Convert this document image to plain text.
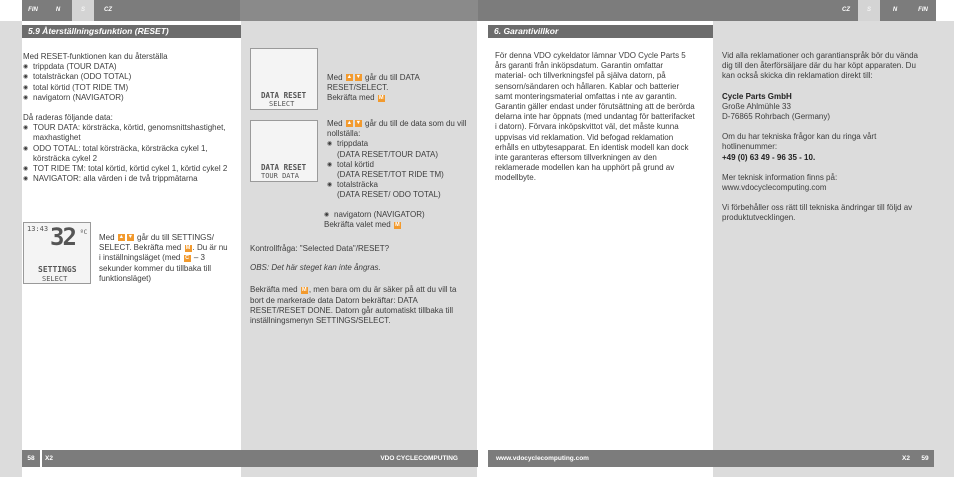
FIN	N	S	CZ	CZ	S	N	FIN
5.9 Återställningsfunktion (RESET)	6. Garantivillkor

Med RESET-funktionen kan du återställa

◉ trippdata (TOUR DATA)
◉ totalsträckan (ODO TOTAL)
◉ total körtid (TOT RIDE TM)
◉ navigatorn (NAVIGATOR)

Då raderas följande data:

◉ TOUR DATA: körsträcka, körtid, genomsnittshastighet, maxhastighet
◉ ODO TOTAL: total körsträcka, körsträcka cykel 1, körsträcka cykel 2
◉ TOT RIDE TM: total körtid, körtid cykel 1, körtid cykel 2
◉ NAVIGATOR: alla värden i de två trippmätarna
13:43 32 ºC
SETTINGS
SELECT
Med ▲ ▼ går du till SETTINGS/ SELECT. Bekräfta med M . Du är nu i inställningsläget (med C – 3 sekunder kommer du tillbaka till funktionsläget)
DATA RESET
SELECT
Med ▲ ▼ går du till DATA RESET/SELECT.
Bekräfta med M
DATA RESET
TOUR DATA
Med ▲ ▼ går du till de data som du vill nollställa:
◉ trippdata
(DATA RESET/TOUR DATA)
◉ total körtid
(DATA RESET/TOT RIDE TM)
◉ totalsträcka
(DATA RESET/ ODO TOTAL)
◉ navigatorn (NAVIGATOR)
Bekräfta valet med M

Kontrollfråga: "Selected Data"/RESET?

OBS: Det här steget kan inte ångras.

Bekräfta med M , men bara om du är säker på att du vill ta bort de markerade data Datorn bekräftar: DATA RESET/RESET DONE. Datorn går automatiskt tillbaka till inställningsmenyn SETTINGS/SELECT.

För denna VDO cykeldator lämnar VDO Cycle Parts 5 års garanti från inköpsdatum. Garantin omfattar material- och tillverkningsfel på själva datorn, på sensorn/sändaren och hållaren. Kablar och batterier samt monteringsmaterial omfattas i nte av garantin. Garantin gäller endast under förutsättning att de berörda delarna inte har öppnats (med undantag för batterifacket i datorn). Förvara inköpskvittot väl, det måste kunna uppvisas vid reklamation. Vid befogad reklamation erhålls en utbytesapparat. En identisk modell kan dock inte garanteras eftersom tillverkningen av den reklamerade modellen kan ha upphört på grund av modellbyte.

Vid alla reklamationer och garantianspråk bör du vända dig till den återförsäljare där du har köpt apparaten. Du kan också skicka din reklamation direkt till:

Cycle Parts GmbH

Große Ahlmühle 33

D-76865 Rohrbach (Germany)

Om du har tekniska frågor kan du ringa vårt hotlinenummer:

+49 (0) 63 49 - 96 35 - 10.

Mer teknisk information finns på:

www.vdocyclecomputing.com

Vi förbehåller oss rätt till tekniska ändringar till följd av produktutvecklingen.

58	X2	VDO CYCLECOMPUTING	www.vdocyclecomputing.com	X2	59
